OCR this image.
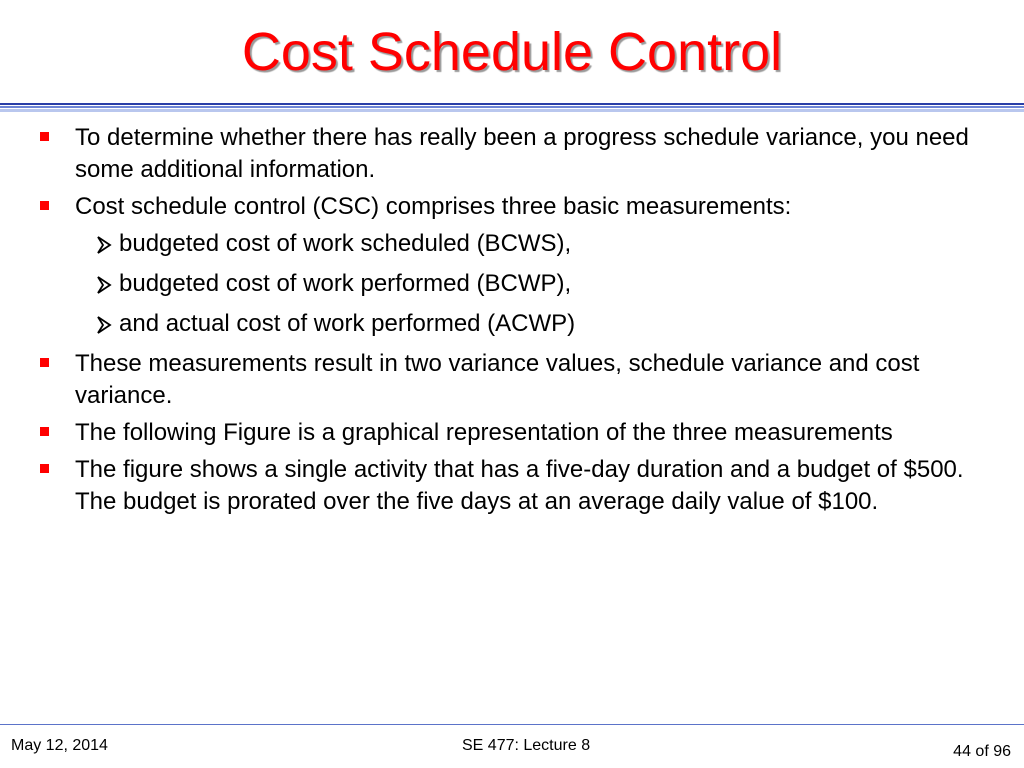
Cost Schedule Control
To determine whether there has really been a progress schedule variance, you need some additional information.
Cost schedule control (CSC) comprises three basic measurements:
budgeted cost of work scheduled (BCWS),
budgeted cost of work performed (BCWP),
and actual cost of work performed (ACWP)
These measurements result in two variance values, schedule variance and cost variance.
The following Figure is a graphical representation of the three measurements
The figure shows a single activity that has a five-day duration and a budget of $500. The budget is prorated over the five days at an average daily value of $100.
May 12, 2014	SE 477: Lecture 8	44 of 96
